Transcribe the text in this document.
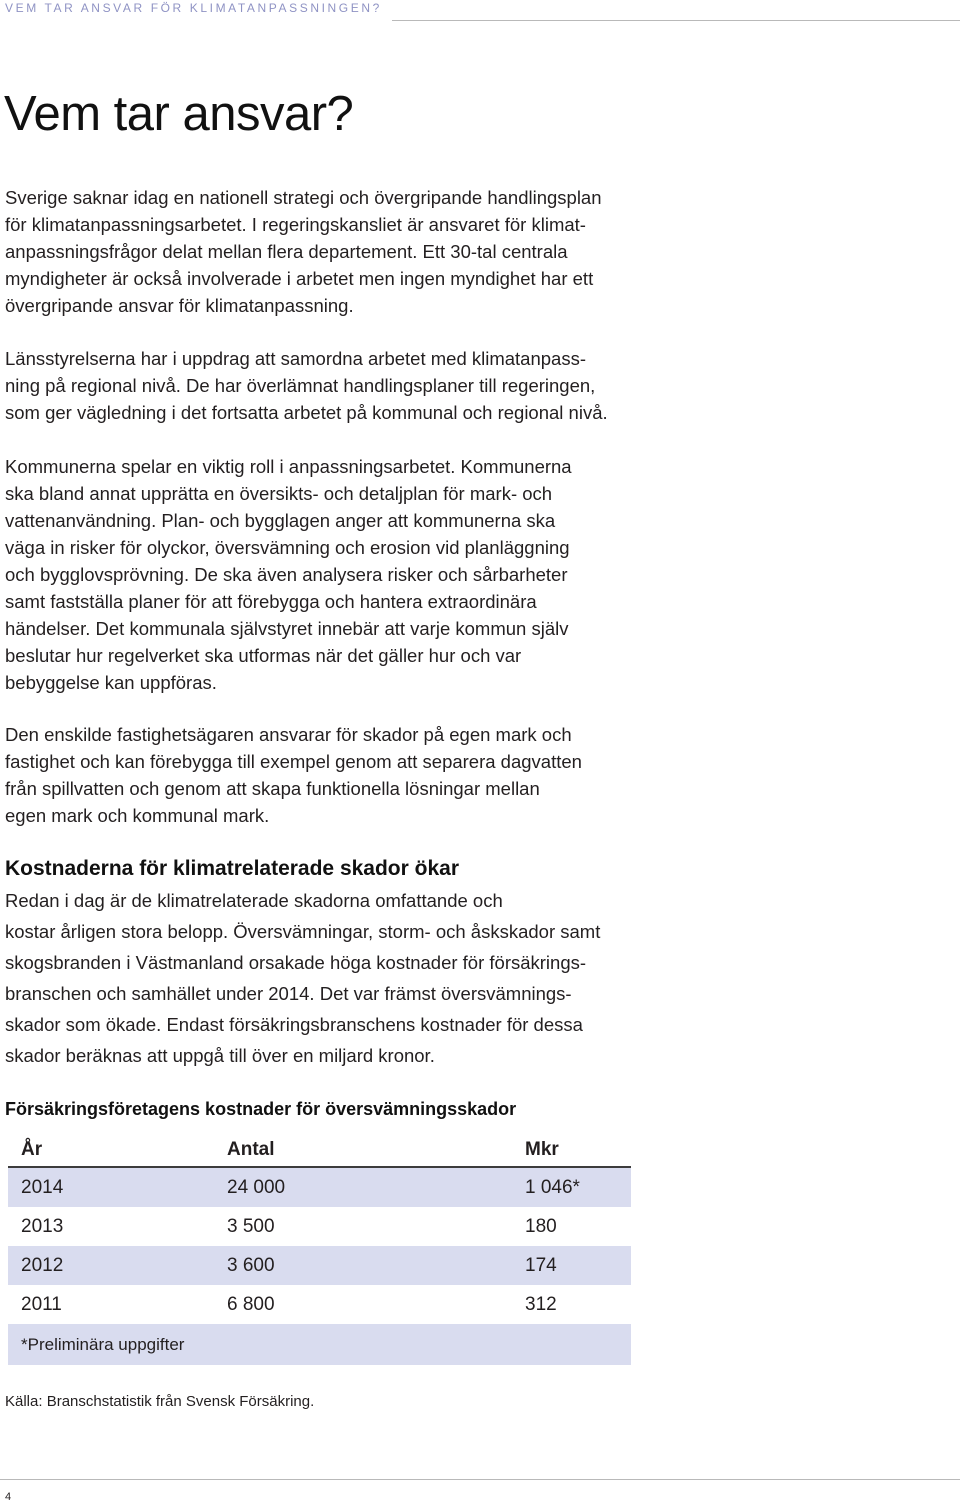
VEM TAR ANSVAR FÖR KLIMATANPASSNINGEN?
Vem tar ansvar?

Sverige saknar idag en nationell strategi och övergripande handlingsplan
för klimatanpassningsarbetet. I regeringskansliet är ansvaret för klimat-
anpassningsfrågor delat mellan flera departement. Ett 30-tal centrala
myndigheter är också involverade i arbetet men ingen myndighet har ett
övergripande ansvar för klimatanpassning.

Länsstyrelserna har i uppdrag att samordna arbetet med klimatanpass-
ning på regional nivå. De har överlämnat handlingsplaner till regeringen,
som ger vägledning i det fortsatta arbetet på kommunal och regional nivå.

Kommunerna spelar en viktig roll i anpassningsarbetet. Kommunerna
ska bland annat upprätta en översikts- och detaljplan för mark- och
vattenanvändning. Plan- och bygglagen anger att kommunerna ska
väga in risker för olyckor, översvämning och erosion vid planläggning
och bygglovsprövning. De ska även analysera risker och sårbarheter
samt fastställa planer för att förebygga och hantera extraordinära
händelser. Det kommunala självstyret innebär att varje kommun själv
beslutar hur regelverket ska utformas när det gäller hur och var
bebyggelse kan uppföras.

Den enskilde fastighetsägaren ansvarar för skador på egen mark och
fastighet och kan förebygga till exempel genom att separera dagvatten
från spillvatten och genom att skapa funktionella lösningar mellan
egen mark och kommunal mark.

Kostnaderna för klimatrelaterade skador ökar

Redan i dag är de klimatrelaterade skadorna omfattande och
kostar årligen stora belopp. Översvämningar, storm- och åskskador samt
skogsbranden i Västmanland orsakade höga kostnader för försäkrings-
branschen och samhället under 2014. Det var främst översvämnings-
skador som ökade. Endast försäkringsbranschens kostnader för dessa
skador beräknas att uppgå till över en miljard kronor.

Försäkringsföretagens kostnader för översvämningsskador
År	Antal	Mkr
2014	24 000	1 046*
2013	3 500	180
2012	3 600	174
2011	6 800	312
*Preliminära uppgifter

Källa: Branschstatistik från Svensk Försäkring.

4
